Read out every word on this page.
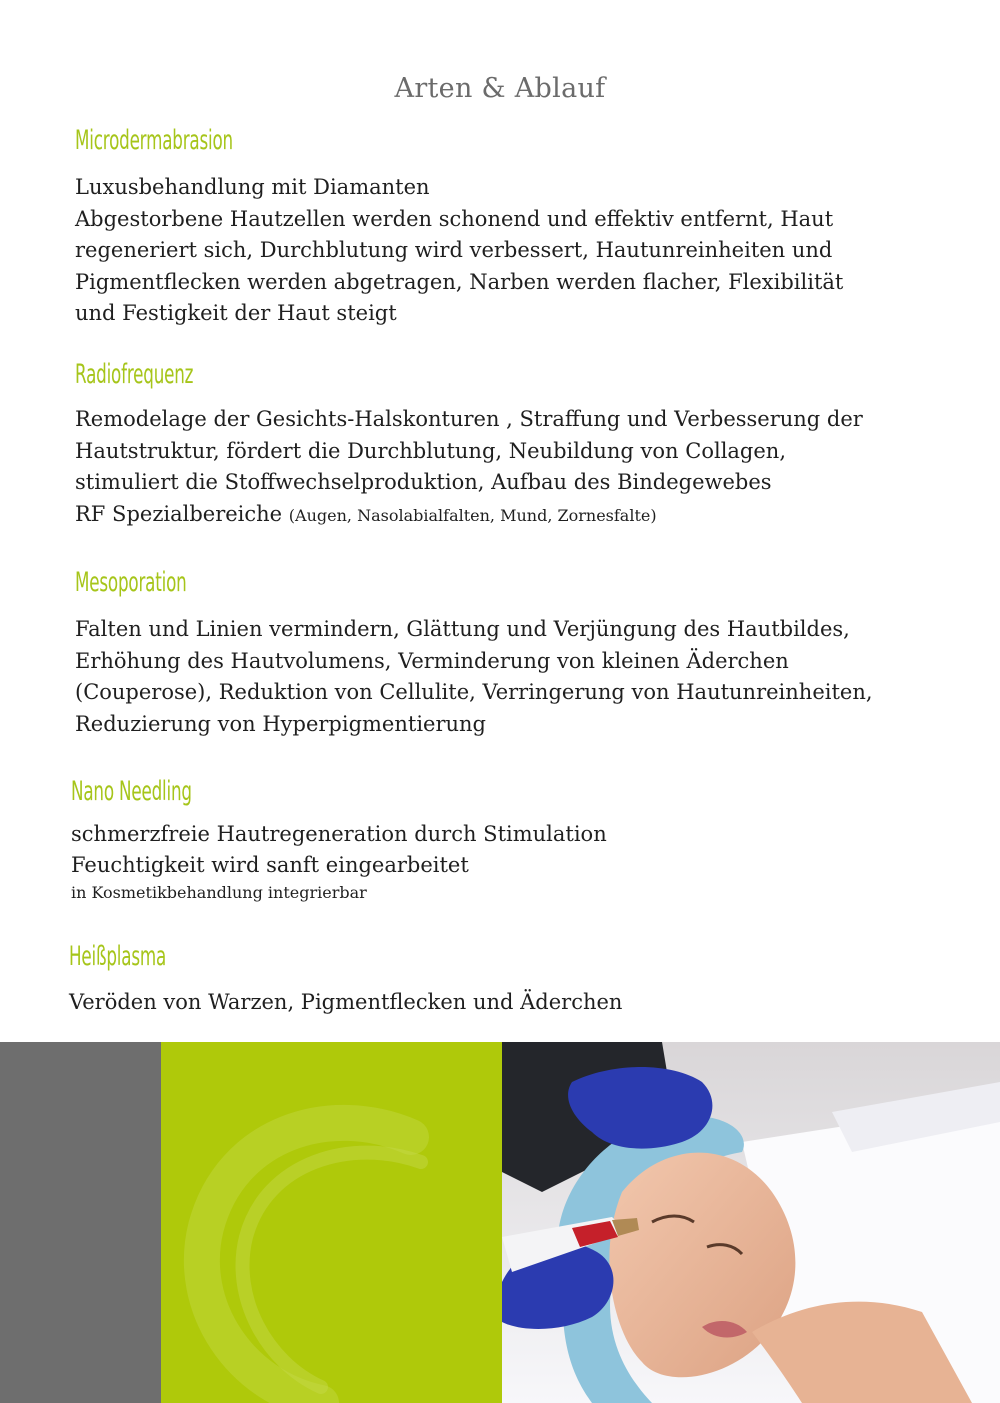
Arten & Ablauf
Microdermabrasion
Luxusbehandlung mit Diamanten
Abgestorbene Hautzellen werden schonend und effektiv entfernt, Haut
regeneriert sich, Durchblutung wird verbessert, Hautunreinheiten und
Pigmentflecken werden abgetragen, Narben werden flacher, Flexibilität
und Festigkeit der Haut steigt
Radiofrequenz
Remodelage der Gesichts-Halskonturen , Straffung und Verbesserung der
Hautstruktur, fördert die Durchblutung, Neubildung von Collagen,
stimuliert die Stoffwechselproduktion, Aufbau des Bindegewebes
RF Spezialbereiche (Augen, Nasolabialfalten, Mund, Zornesfalte)
Mesoporation
Falten und Linien vermindern, Glättung und Verjüngung des Hautbildes,
Erhöhung des Hautvolumens, Verminderung von kleinen Äderchen
(Couperose), Reduktion von Cellulite, Verringerung von Hautunreinheiten,
Reduzierung von Hyperpigmentierung
Nano Needling
schmerzfreie Hautregeneration durch Stimulation
Feuchtigkeit wird sanft eingearbeitet
in Kosmetikbehandlung integrierbar
Heißplasma
Veröden von Warzen, Pigmentflecken und Äderchen
